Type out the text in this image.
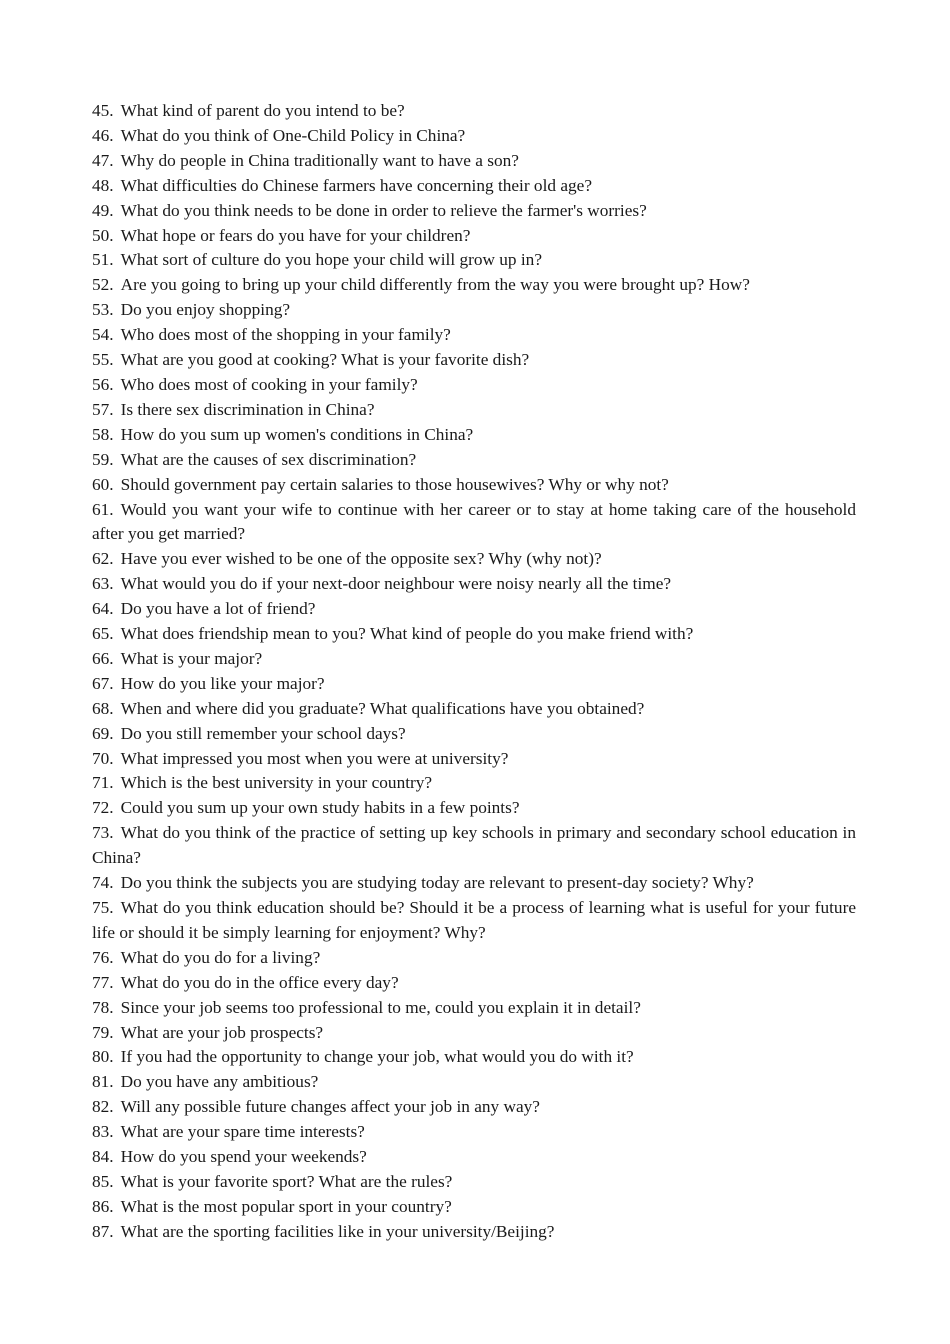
45. What kind of parent do you intend to be?

46. What do you think of One-Child Policy in China?

47. Why do people in China traditionally want to have a son?

48. What difficulties do Chinese farmers have concerning their old age?

49. What do you think needs to be done in order to relieve the farmer's worries?

50. What hope or fears do you have for your children?

51. What sort of culture do you hope your child will grow up in?

52. Are you going to bring up your child differently from the way you were brought up? How?

53. Do you enjoy shopping?

54. Who does most of the shopping in your family?

55. What are you good at cooking? What is your favorite dish?

56. Who does most of cooking in your family?

57. Is there sex discrimination in China?

58. How do you sum up women's conditions in China?

59. What are the causes of sex discrimination?

60. Should government pay certain salaries to those housewives? Why or why not?

61. Would you want your wife to continue with her career or to stay at home taking care of the household after you get married?

62. Have you ever wished to be one of the opposite sex? Why (why not)?

63. What would you do if your next-door neighbour were noisy nearly all the time?

64. Do you have a lot of friend?

65. What does friendship mean to you? What kind of people do you make friend with?

66. What is your major?

67. How do you like your major?

68. When and where did you graduate? What qualifications have you obtained?

69. Do you still remember your school days?

70. What impressed you most when you were at university?

71. Which is the best university in your country?

72. Could you sum up your own study habits in a few points?

73. What do you think of the practice of setting up key schools in primary and secondary school education in China?

74. Do you think the subjects you are studying today are relevant to present-day society? Why?

75. What do you think education should be? Should it be a process of learning what is useful for your future life or should it be simply learning for enjoyment? Why?

76. What do you do for a living?

77. What do you do in the office every day?

78. Since your job seems too professional to me, could you explain it in detail?

79. What are your job prospects?

80. If you had the opportunity to change your job, what would you do with it?

81. Do you have any ambitious?

82. Will any possible future changes affect your job in any way?

83. What are your spare time interests?

84. How do you spend your weekends?

85. What is your favorite sport? What are the rules?

86. What is the most popular sport in your country?

87. What are the sporting facilities like in your university/Beijing?
